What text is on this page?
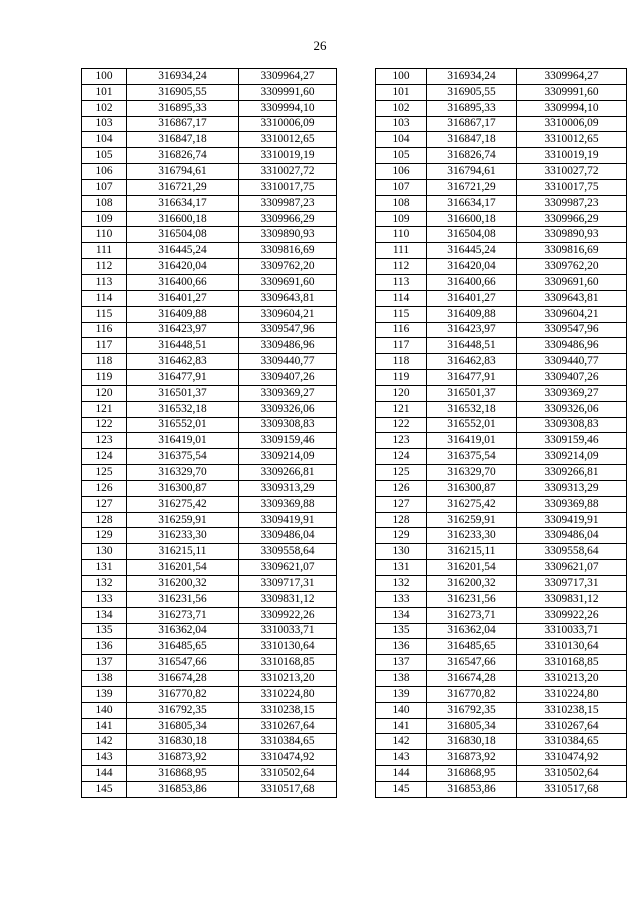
26
100	316934,24	3309964,27
101	316905,55	3309991,60
102	316895,33	3309994,10
103	316867,17	3310006,09
104	316847,18	3310012,65
105	316826,74	3310019,19
106	316794,61	3310027,72
107	316721,29	3310017,75
108	316634,17	3309987,23
109	316600,18	3309966,29
110	316504,08	3309890,93
111	316445,24	3309816,69
112	316420,04	3309762,20
113	316400,66	3309691,60
114	316401,27	3309643,81
115	316409,88	3309604,21
116	316423,97	3309547,96
117	316448,51	3309486,96
118	316462,83	3309440,77
119	316477,91	3309407,26
120	316501,37	3309369,27
121	316532,18	3309326,06
122	316552,01	3309308,83
123	316419,01	3309159,46
124	316375,54	3309214,09
125	316329,70	3309266,81
126	316300,87	3309313,29
127	316275,42	3309369,88
128	316259,91	3309419,91
129	316233,30	3309486,04
130	316215,11	3309558,64
131	316201,54	3309621,07
132	316200,32	3309717,31
133	316231,56	3309831,12
134	316273,71	3309922,26
135	316362,04	3310033,71
136	316485,65	3310130,64
137	316547,66	3310168,85
138	316674,28	3310213,20
139	316770,82	3310224,80
140	316792,35	3310238,15
141	316805,34	3310267,64
142	316830,18	3310384,65
143	316873,92	3310474,92
144	316868,95	3310502,64
145	316853,86	3310517,68
100	316934,24	3309964,27
101	316905,55	3309991,60
102	316895,33	3309994,10
103	316867,17	3310006,09
104	316847,18	3310012,65
105	316826,74	3310019,19
106	316794,61	3310027,72
107	316721,29	3310017,75
108	316634,17	3309987,23
109	316600,18	3309966,29
110	316504,08	3309890,93
111	316445,24	3309816,69
112	316420,04	3309762,20
113	316400,66	3309691,60
114	316401,27	3309643,81
115	316409,88	3309604,21
116	316423,97	3309547,96
117	316448,51	3309486,96
118	316462,83	3309440,77
119	316477,91	3309407,26
120	316501,37	3309369,27
121	316532,18	3309326,06
122	316552,01	3309308,83
123	316419,01	3309159,46
124	316375,54	3309214,09
125	316329,70	3309266,81
126	316300,87	3309313,29
127	316275,42	3309369,88
128	316259,91	3309419,91
129	316233,30	3309486,04
130	316215,11	3309558,64
131	316201,54	3309621,07
132	316200,32	3309717,31
133	316231,56	3309831,12
134	316273,71	3309922,26
135	316362,04	3310033,71
136	316485,65	3310130,64
137	316547,66	3310168,85
138	316674,28	3310213,20
139	316770,82	3310224,80
140	316792,35	3310238,15
141	316805,34	3310267,64
142	316830,18	3310384,65
143	316873,92	3310474,92
144	316868,95	3310502,64
145	316853,86	3310517,68
